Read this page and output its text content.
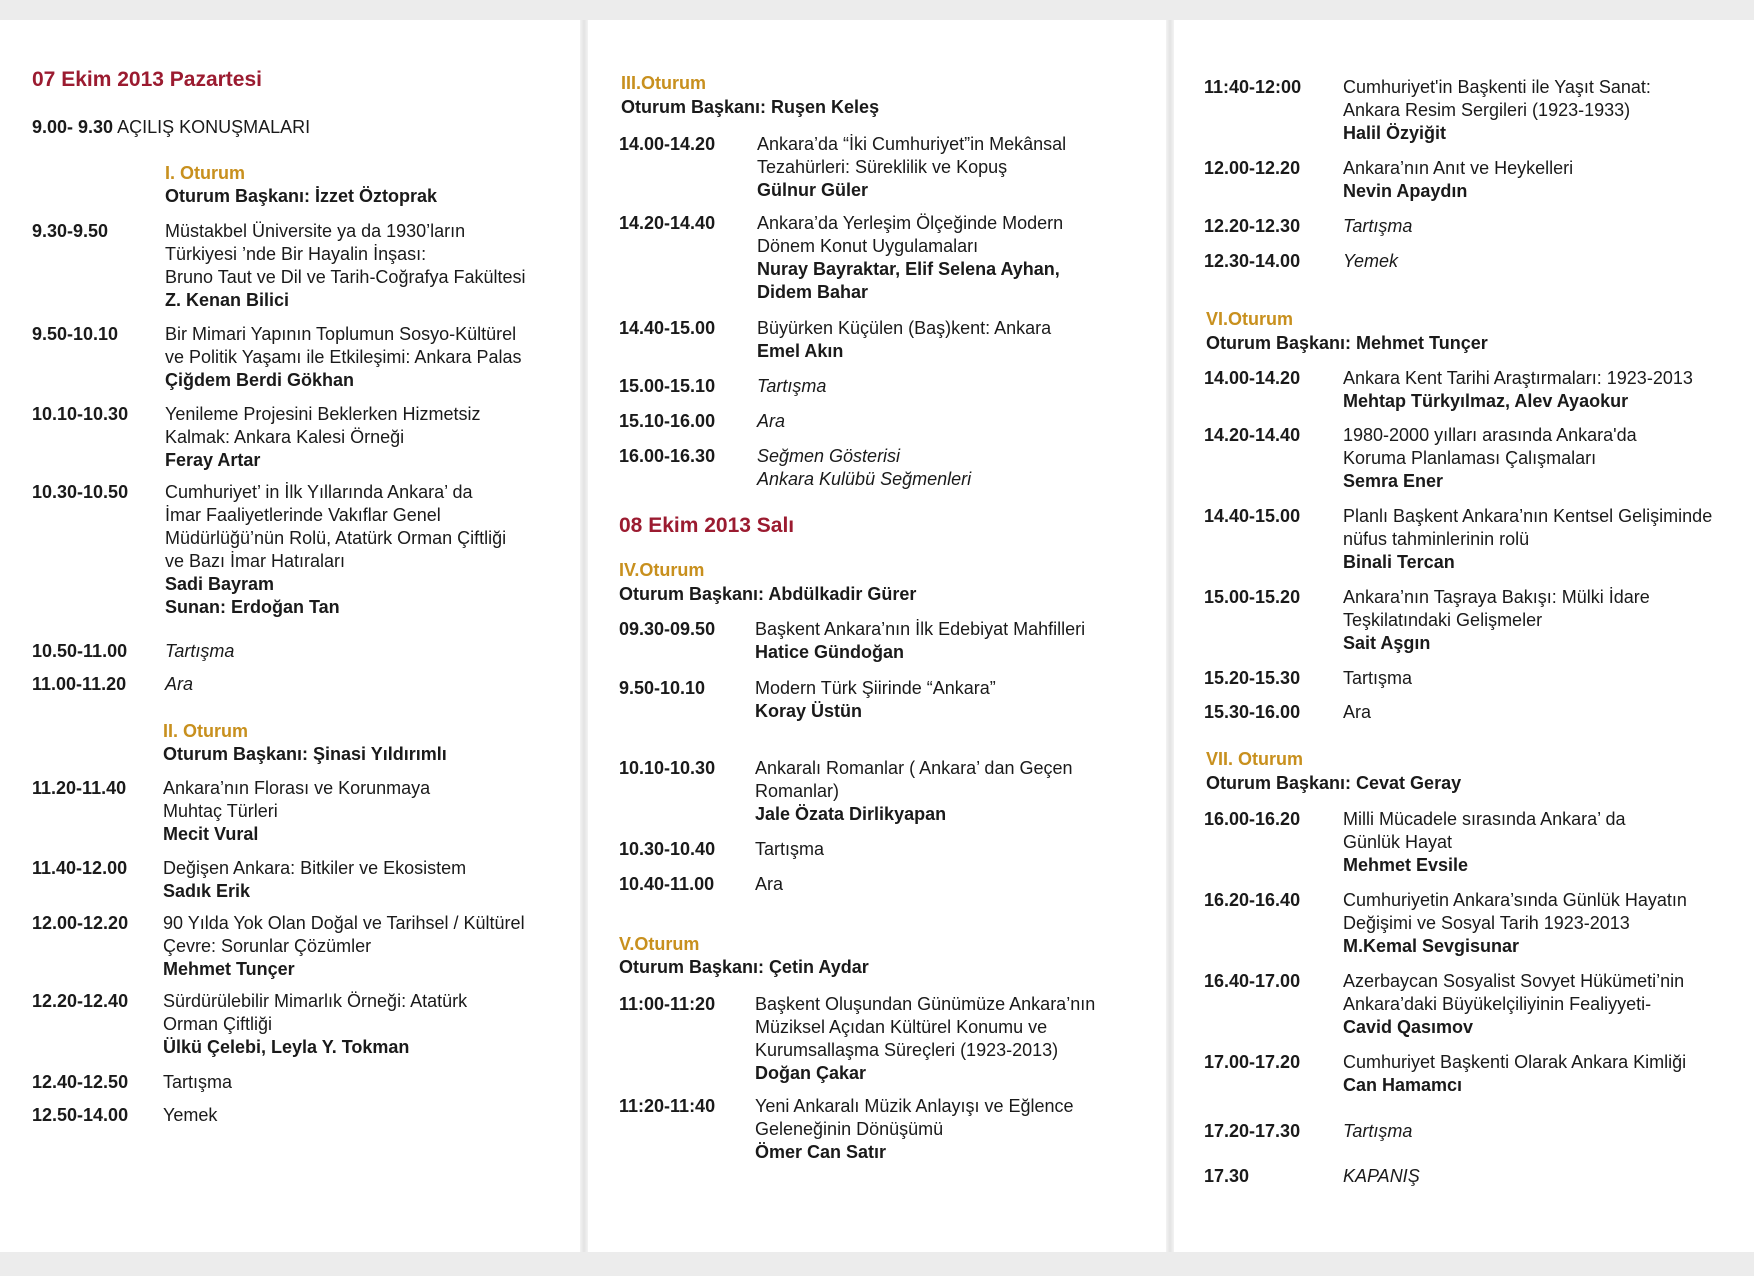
07 Ekim 2013 Pazartesi
9.00- 9.30 AÇILIŞ KONUŞMALARI
I. Oturum
Oturum Başkanı: İzzet Öztoprak
II. Oturum
Oturum Başkanı: Şinasi Yıldırımlı
9.30-9.50	Müstakbel Üniversite ya da 1930’ların
Türkiyesi ’nde Bir Hayalin İnşası:
Bruno Taut ve Dil ve Tarih-Coğrafya Fakültesi
Z. Kenan Bilici
9.50-10.10	Bir Mimari Yapının Toplumun Sosyo-Kültürel
ve Politik Yaşamı ile Etkileşimi: Ankara Palas
Çiğdem Berdi Gökhan
10.10-10.30 Yenileme Projesini Beklerken Hizmetsiz
Kalmak: Ankara Kalesi Örneği
Feray Artar
10.30-10.50 Cumhuriyet’ in İlk Yıllarında Ankara’ da
İmar Faaliyetlerinde Vakıflar Genel
Müdürlüğü’nün Rolü, Atatürk Orman Çiftliği
ve Bazı İmar Hatıraları
Sadi Bayram
Sunan: Erdoğan Tan
10.50-11.00 Tartışma
11.00-11.20 Ara
11.20-11.40 Ankara’nın Florası ve Korunmaya
Muhtaç Türleri
Mecit Vural
11.40-12.00 Değişen Ankara: Bitkiler ve Ekosistem
Sadık Erik
12.00-12.20 90 Yılda Yok Olan Doğal ve Tarihsel / Kültürel
Çevre: Sorunlar Çözümler
Mehmet Tunçer
12.20-12.40 Sürdürülebilir Mimarlık Örneği: Atatürk
Orman Çiftliği
Ülkü Çelebi, Leyla Y. Tokman
12.40-12.50 Tartışma
12.50-14.00 Yemek
III.Oturum
Oturum Başkanı: Ruşen Keleş
08 Ekim 2013 Salı
IV.Oturum
Oturum Başkanı: Abdülkadir Gürer
V.Oturum
Oturum Başkanı: Çetin Aydar
14.00-14.20 Ankara’da “İki Cumhuriyet”in Mekânsal
Tezahürleri: Süreklilik ve Kopuş
Gülnur Güler
14.20-14.40 Ankara’da Yerleşim Ölçeğinde Modern
Dönem Konut Uygulamaları
Nuray Bayraktar, Elif Selena Ayhan,
Didem Bahar
14.40-15.00 Büyürken Küçülen (Baş)kent: Ankara
Emel Akın
15.00-15.10 Tartışma
15.10-16.00 Ara
16.00-16.30 Seğmen Gösterisi
Ankara Kulübü Seğmenleri
09.30-09.50 Başkent Ankara’nın İlk Edebiyat Mahfilleri
Hatice Gündoğan
9.50-10.10	Modern Türk Şiirinde “Ankara”
Koray Üstün
10.10-10.30 Ankaralı Romanlar ( Ankara’ dan Geçen
Romanlar)
Jale Özata Dirlikyapan
10.30-10.40 Tartışma
10.40-11.00 Ara
11:00-11:20 Başkent Oluşundan Günümüze Ankara’nın
Müziksel Açıdan Kültürel Konumu ve
Kurumsallaşma Süreçleri (1923-2013)
Doğan Çakar
11:20-11:40 Yeni Ankaralı Müzik Anlayışı ve Eğlence
Geleneğinin Dönüşümü
Ömer Can Satır
VI.Oturum
Oturum Başkanı: Mehmet Tunçer
VII. Oturum
Oturum Başkanı: Cevat Geray
11:40-12:00 Cumhuriyet'in Başkenti ile Yaşıt Sanat:
Ankara Resim Sergileri (1923-1933)
Halil Özyiğit
12.00-12.20 Ankara’nın Anıt ve Heykelleri
Nevin Apaydın
12.20-12.30 Tartışma
12.30-14.00 Yemek
14.00-14.20 Ankara Kent Tarihi Araştırmaları: 1923-2013
Mehtap Türkyılmaz, Alev Ayaokur
14.20-14.40 1980-2000 yılları arasında Ankara'da
Koruma Planlaması Çalışmaları
Semra Ener
14.40-15.00 Planlı Başkent Ankara’nın Kentsel Gelişiminde
nüfus tahminlerinin rolü
Binali Tercan
15.00-15.20 Ankara’nın Taşraya Bakışı: Mülki İdare
Teşkilatındaki Gelişmeler
Sait Aşgın
15.20-15.30 Tartışma
15.30-16.00 Ara
16.00-16.20 Milli Mücadele sırasında Ankara’ da
Günlük Hayat
Mehmet Evsile
16.20-16.40 Cumhuriyetin Ankara’sında Günlük Hayatın
Değişimi ve Sosyal Tarih 1923-2013
M.Kemal Sevgisunar
16.40-17.00 Azerbaycan Sosyalist Sovyet Hükümeti’nin
Ankara’daki Büyükelçiliyinin Fealiyyeti-
Cavid Qasımov
17.00-17.20 Cumhuriyet Başkenti Olarak Ankara Kimliği
Can Hamamcı
17.20-17.30 Tartışma
17.30	KAPANIŞ
